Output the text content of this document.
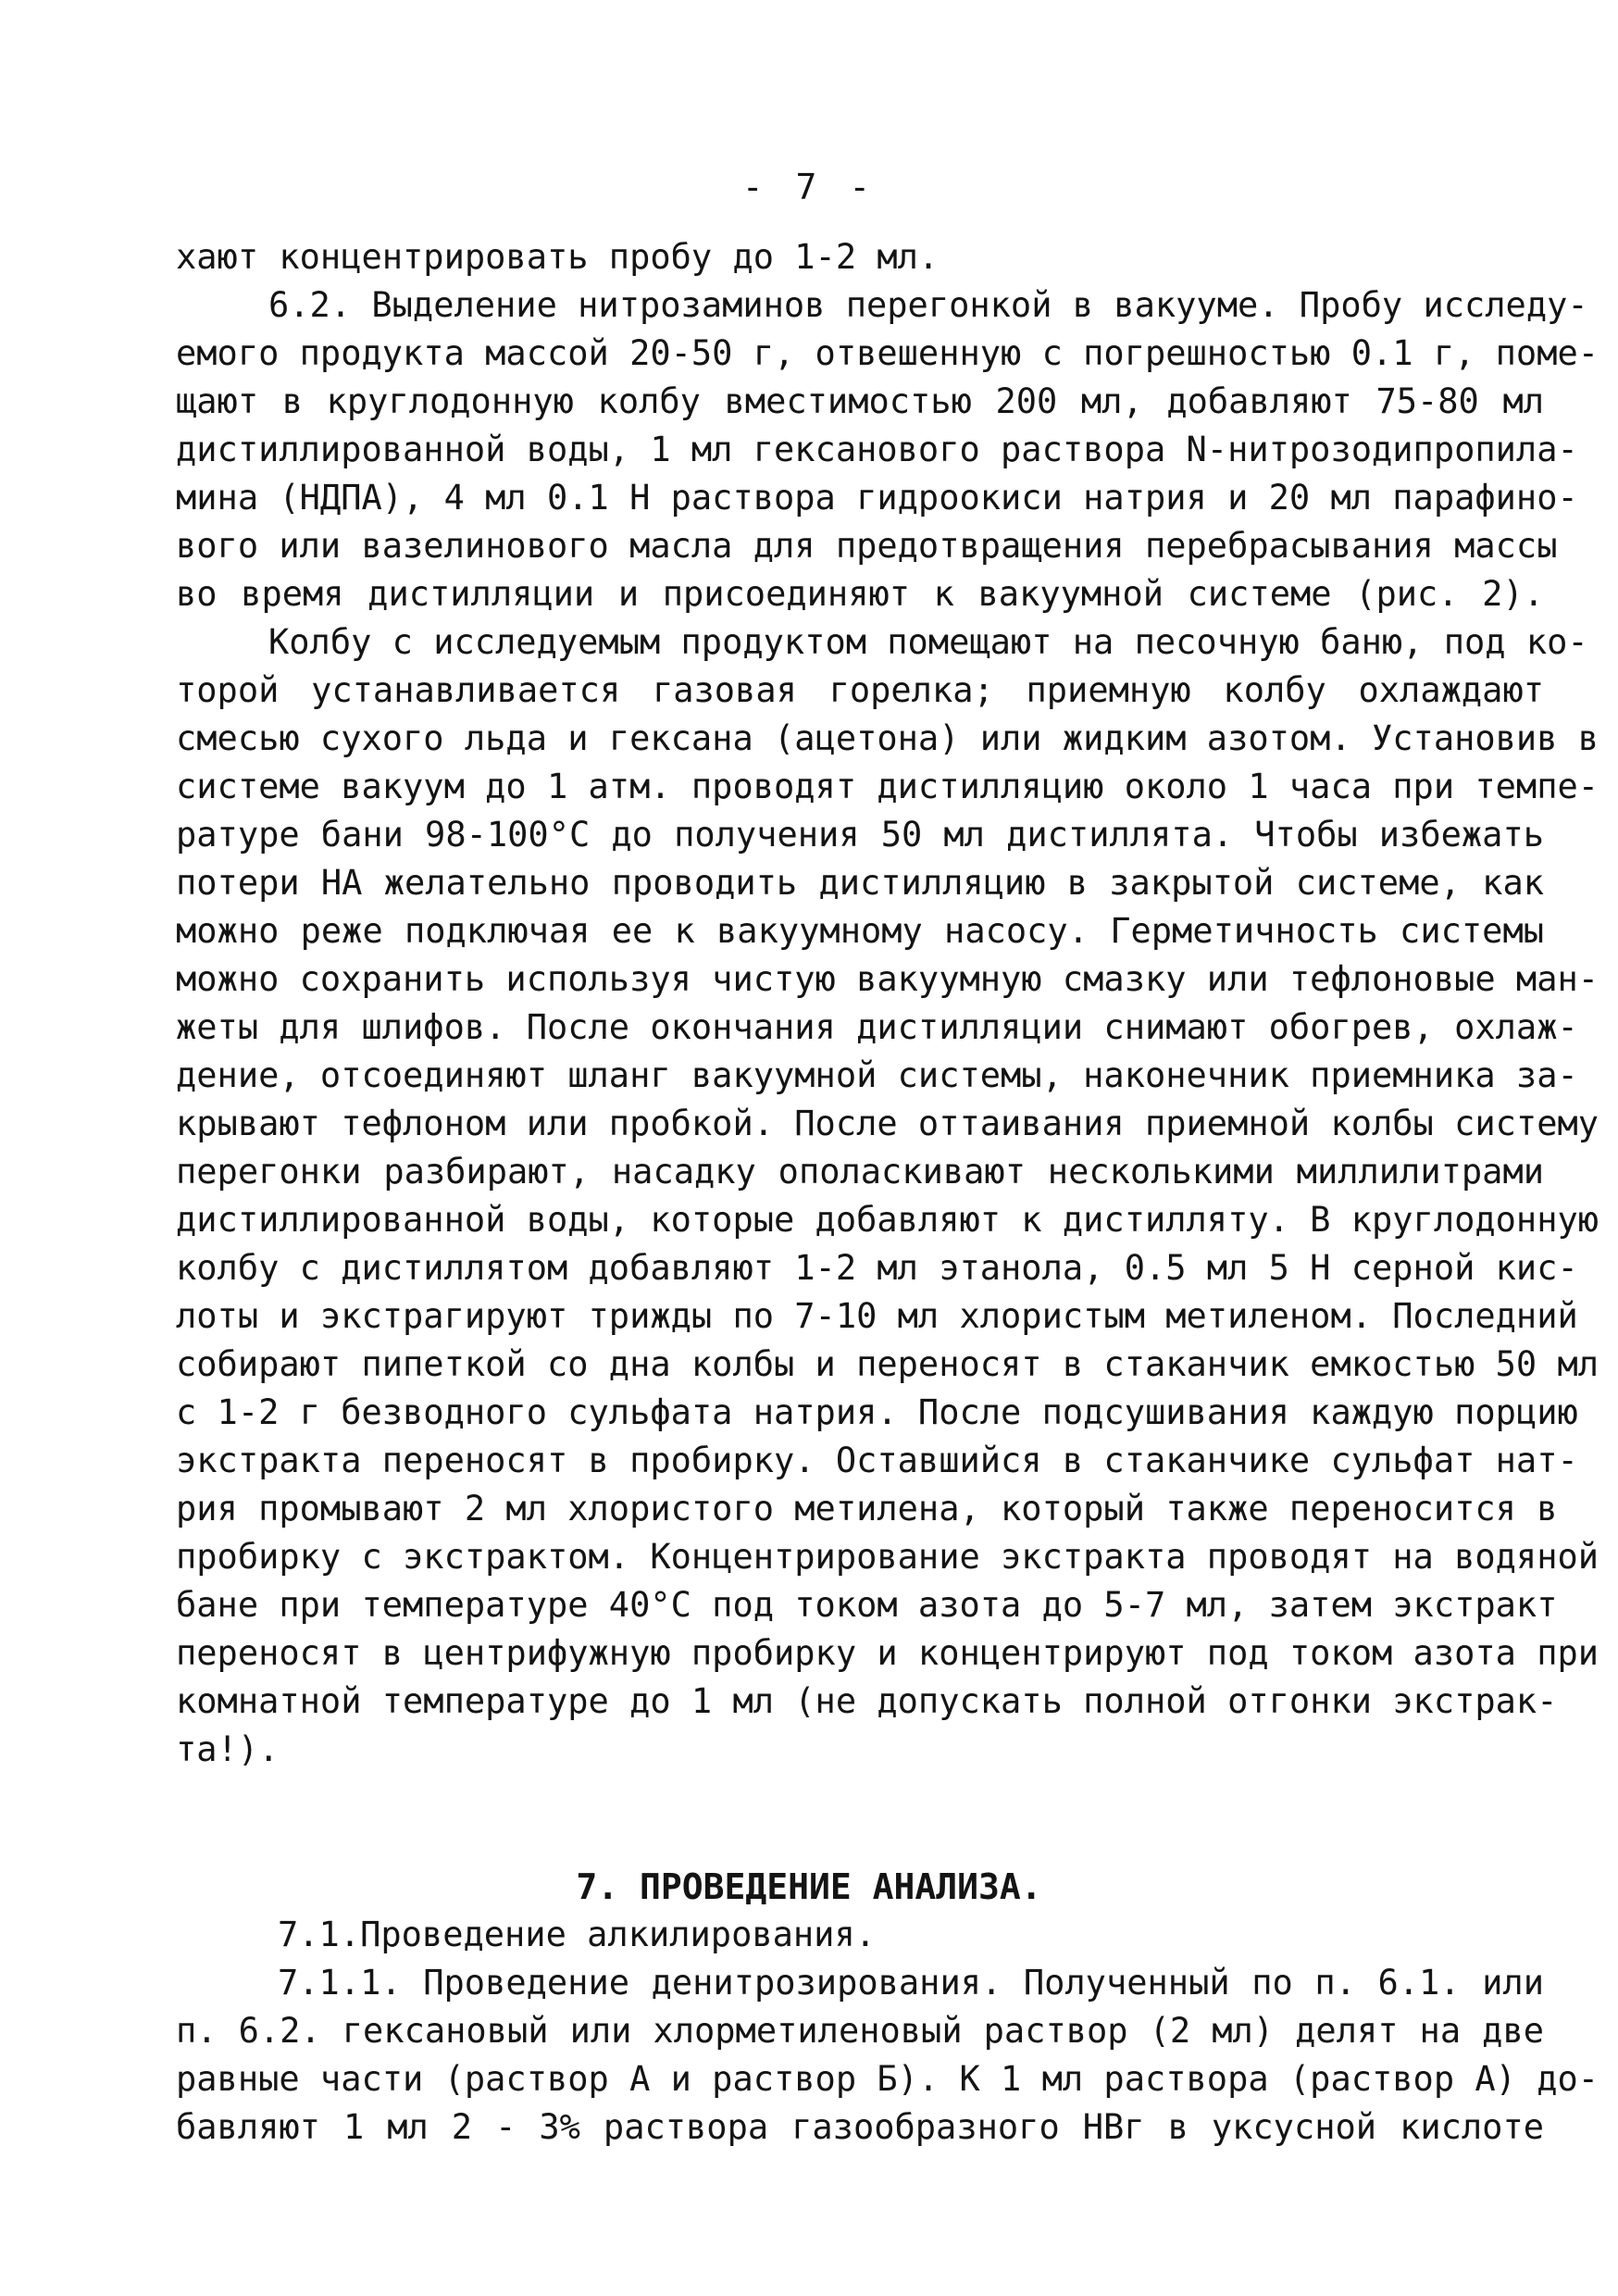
- 7 -
хают концентрировать пробу до 1-2 мл.
6.2. Выделение нитрозаминов перегонкой в вакууме. Пробу исследу-
емого продукта массой 20-50 г, отвешенную с погрешностью 0.1 г, поме-
щают в круглодонную колбу вместимостью 200 мл, добавляют 75-80 мл
дистиллированной воды, 1 мл гексанового раствора N-нитрозодипропила-
мина (НДПА), 4 мл 0.1 Н раствора гидроокиси натрия и 20 мл парафино-
вого или вазелинового масла для предотвращения перебрасывания массы
во время дистилляции и присоединяют к вакуумной системе (рис. 2).
Колбу с исследуемым продуктом помещают на песочную баню, под ко-
торой устанавливается газовая горелка; приемную колбу охлаждают
смесью сухого льда и гексана (ацетона) или жидким азотом. Установив в
системе вакуум до 1 атм. проводят дистилляцию около 1 часа при темпе-
ратуре бани 98-100°С до получения 50 мл дистиллята. Чтобы избежать
потери НА желательно проводить дистилляцию в закрытой системе, как
можно реже подключая ее к вакуумному насосу. Герметичность системы
можно сохранить используя чистую вакуумную смазку или тефлоновые ман-
жеты для шлифов. После окончания дистилляции снимают обогрев, охлаж-
дение, отсоединяют шланг вакуумной системы, наконечник приемника за-
крывают тефлоном или пробкой. После оттаивания приемной колбы систему
перегонки разбирают, насадку ополаскивают несколькими миллилитрами
дистиллированной воды, которые добавляют к дистилляту. В круглодонную
колбу с дистиллятом добавляют 1-2 мл этанола, 0.5 мл 5 Н серной кис-
лоты и экстрагируют трижды по 7-10 мл хлористым метиленом. Последний
собирают пипеткой со дна колбы и переносят в стаканчик емкостью 50 мл
с 1-2 г безводного сульфата натрия. После подсушивания каждую порцию
экстракта переносят в пробирку. Оставшийся в стаканчике сульфат нат-
рия промывают 2 мл хлористого метилена, который также переносится в
пробирку с экстрактом. Концентрирование экстракта проводят на водяной
бане при температуре 40°С под током азота до 5-7 мл, затем экстракт
переносят в центрифужную пробирку и концентрируют под током азота при
комнатной температуре до 1 мл (не допускать полной отгонки экстрак-
та!).
7. ПРОВЕДЕНИЕ АНАЛИЗА.
7.1.Проведение алкилирования.
7.1.1. Проведение денитрозирования. Полученный по п. 6.1. или
п. 6.2. гексановый или хлорметиленовый раствор (2 мл) делят на две
равные части (раствор А и раствор Б). К 1 мл раствора (раствор А) до-
бавляют 1 мл 2 - 3% раствора газообразного НВг в уксусной кислоте
